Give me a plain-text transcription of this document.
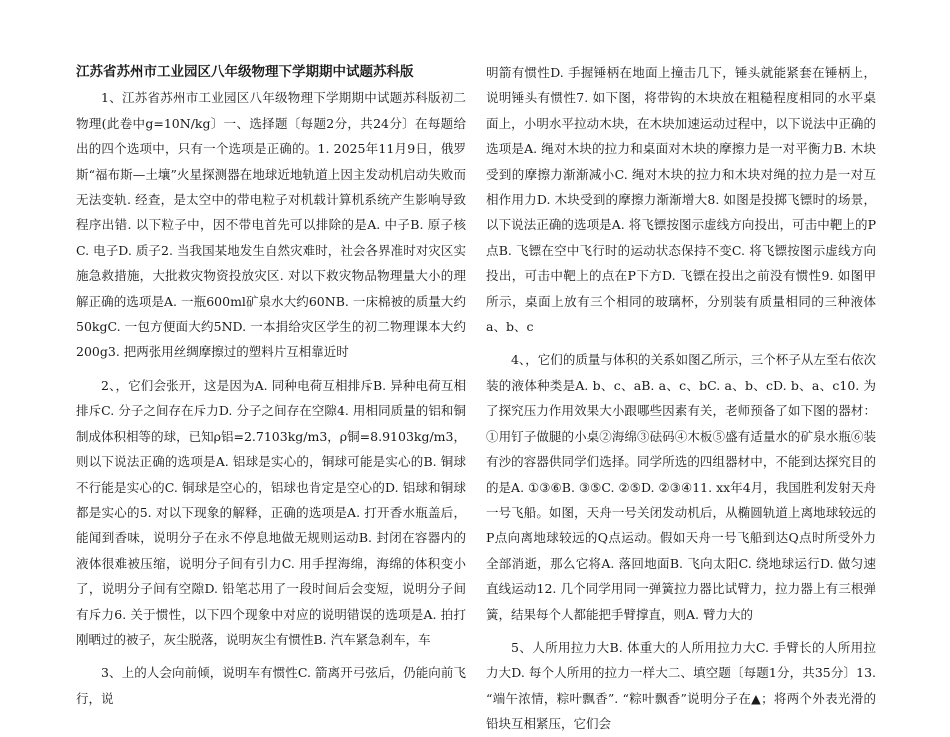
江苏省苏州市工业园区八年级物理下学期期中试题苏科版

1、江苏省苏州市工业园区八年级物理下学期期中试题苏科版初二物理(此卷中g=10N/kg〕一、选择题〔每题2分，共24分〕在每题给出的四个选项中，只有一个选项是正确的。1. 2025年11月9日，俄罗斯“福布斯—土壤”火星探测器在地球近地轨道上因主发动机启动失败而无法变轨. 经查，是太空中的带电粒子对机载计算机系统产生影响导致程序出错. 以下粒子中，因不带电首先可以排除的是A. 中子B. 原子核C. 电子D. 质子2. 当我国某地发生自然灾难时，社会各界准时对灾区实施急救措施，大批救灾物资投放灾区. 对以下救灾物品物理量大小的理解正确的选项是A. 一瓶600ml矿泉水大约60NB. 一床棉被的质量大约50kgC. 一包方便面大约5ND. 一本捐给灾区学生的初二物理课本大约200g3. 把两张用丝绸摩擦过的塑料片互相靠近时

2、，它们会张开，这是因为A. 同种电荷互相排斥B. 异种电荷互相排斥C. 分子之间存在斥力D. 分子之间存在空隙4. 用相同质量的铝和铜制成体积相等的球，已知ρ铝=2.7103kg/m3，ρ铜=8.9103kg/m3，则以下说法正确的选项是A. 铝球是实心的，铜球可能是实心的B. 铜球不行能是实心的C. 铜球是空心的，铝球也肯定是空心的D. 铝球和铜球都是实心的5. 对以下现象的解释，正确的选项是A. 打开香水瓶盖后，能闻到香味，说明分子在永不停息地做无规则运动B. 封闭在容器内的液体很难被压缩，说明分子间有引力C. 用手捏海绵，海绵的体积变小了，说明分子间有空隙D. 铅笔芯用了一段时间后会变短，说明分子间有斥力6. 关于惯性，以下四个现象中对应的说明错误的选项是A. 拍打刚晒过的被子，灰尘脱落，说明灰尘有惯性B. 汽车紧急刹车，车

3、上的人会向前倾，说明车有惯性C. 箭离开弓弦后，仍能向前飞行，说

明箭有惯性D. 手握锤柄在地面上撞击几下，锤头就能紧套在锤柄上，说明锤头有惯性7. 如下图，将带钩的木块放在粗糙程度相同的水平桌面上，小明水平拉动木块，在木块加速运动过程中，以下说法中正确的选项是A. 绳对木块的拉力和桌面对木块的摩擦力是一对平衡力B. 木块受到的摩擦力渐渐减小C. 绳对木块的拉力和木块对绳的拉力是一对互相作用力D. 木块受到的摩擦力渐渐增大8. 如图是投掷飞镖时的场景，以下说法正确的选项是A. 将飞镖按图示虚线方向投出，可击中靶上的P点B. 飞镖在空中飞行时的运动状态保持不变C. 将飞镖按图示虚线方向投出，可击中靶上的点在P下方D. 飞镖在投出之前没有惯性9. 如图甲所示，桌面上放有三个相同的玻璃杯，分别装有质量相同的三种液体a、b、c

4、，它们的质量与体积的关系如图乙所示，三个杯子从左至右依次装的液体种类是A. b、c、aB. a、c、bC. a、b、cD. b、a、c10. 为了探究压力作用效果大小跟哪些因素有关，老师预备了如下图的器材：①用钉子做腿的小桌②海绵③砝码④木板⑤盛有适量水的矿泉水瓶⑥装有沙的容器供同学们选择。同学所选的四组器材中，不能到达探究目的的是A. ①③⑥B. ③⑤C. ②⑤D. ②③④11. xx年4月，我国胜利发射天舟一号飞船。如图，天舟一号关闭发动机后，从椭圆轨道上离地球较远的P点向离地球较远的Q点运动。假如天舟一号飞船到达Q点时所受外力全部消逝，那么它将A. 落回地面B. 飞向太阳C. 绕地球运行D. 做匀速直线运动12. 几个同学用同一弹簧拉力器比试臂力，拉力器上有三根弹簧，结果每个人都能把手臂撑直，则A. 臂力大的

5、人所用拉力大B. 体重大的人所用拉力大C. 手臂长的人所用拉力大D. 每个人所用的拉力一样大二、填空题〔每题1分，共35分〕13. “端午浓情，粽叶飘香”. “粽叶飘香”说明分子在▲；将两个外表光滑的铅块互相紧压，它们会
